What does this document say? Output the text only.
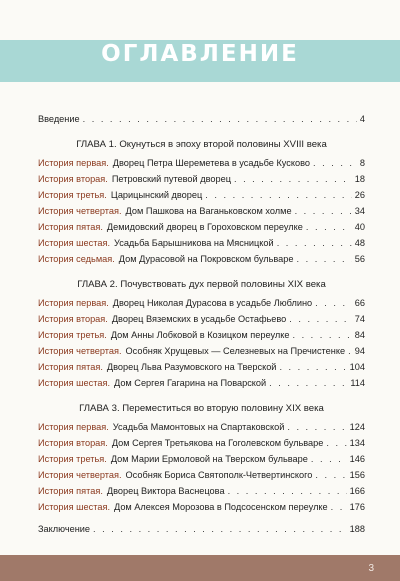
ОГЛАВЛЕНИЕ
Введение . . .	4
ГЛАВА 1. Окунуться в эпоху второй половины XVIII века
История первая. Дворец Петра Шереметева в усадьбе Кусково . . .	8
История вторая. Петровский путевой дворец . . .	18
История третья. Царицынский дворец . . .	26
История четвертая. Дом Пашкова на Ваганьковском холме . . .	34
История пятая. Демидовский дворец в Гороховском переулке . . .	40
История шестая. Усадьба Барышникова на Мясницкой . . .	48
История седьмая. Дом Дурасовой на Покровском бульваре . . .	56
ГЛАВА 2. Почувствовать дух первой половины XIX века
История первая. Дворец Николая Дурасова в усадьбе Люблино . . .	66
История вторая. Дворец Вяземских в усадьбе Остафьево . . .	74
История третья. Дом Анны Лобковой в Козицком переулке . . .	84
История четвертая. Особняк Хрущевых — Селезневых на Пречистенке . . . 94
История пятая. Дворец Льва Разумовского на Тверской . . .	104
История шестая. Дом Сергея Гагарина на Поварской . . .	114
ГЛАВА 3. Переместиться во вторую половину XIX века
История первая. Усадьба Мамонтовых на Спартаковской . . .	124
История вторая. Дом Сергея Третьякова на Гоголевском бульваре . . .	134
История третья. Дом Марии Ермоловой на Тверском бульваре . . .	146
История четвертая. Особняк Бориса Святополк-Четвертинского . . .	156
История пятая. Дворец Виктора Васнецова . . .	166
История шестая. Дом Алексея Морозова в Подсосенском переулке . . . 176
Заключение . . .	188
3
